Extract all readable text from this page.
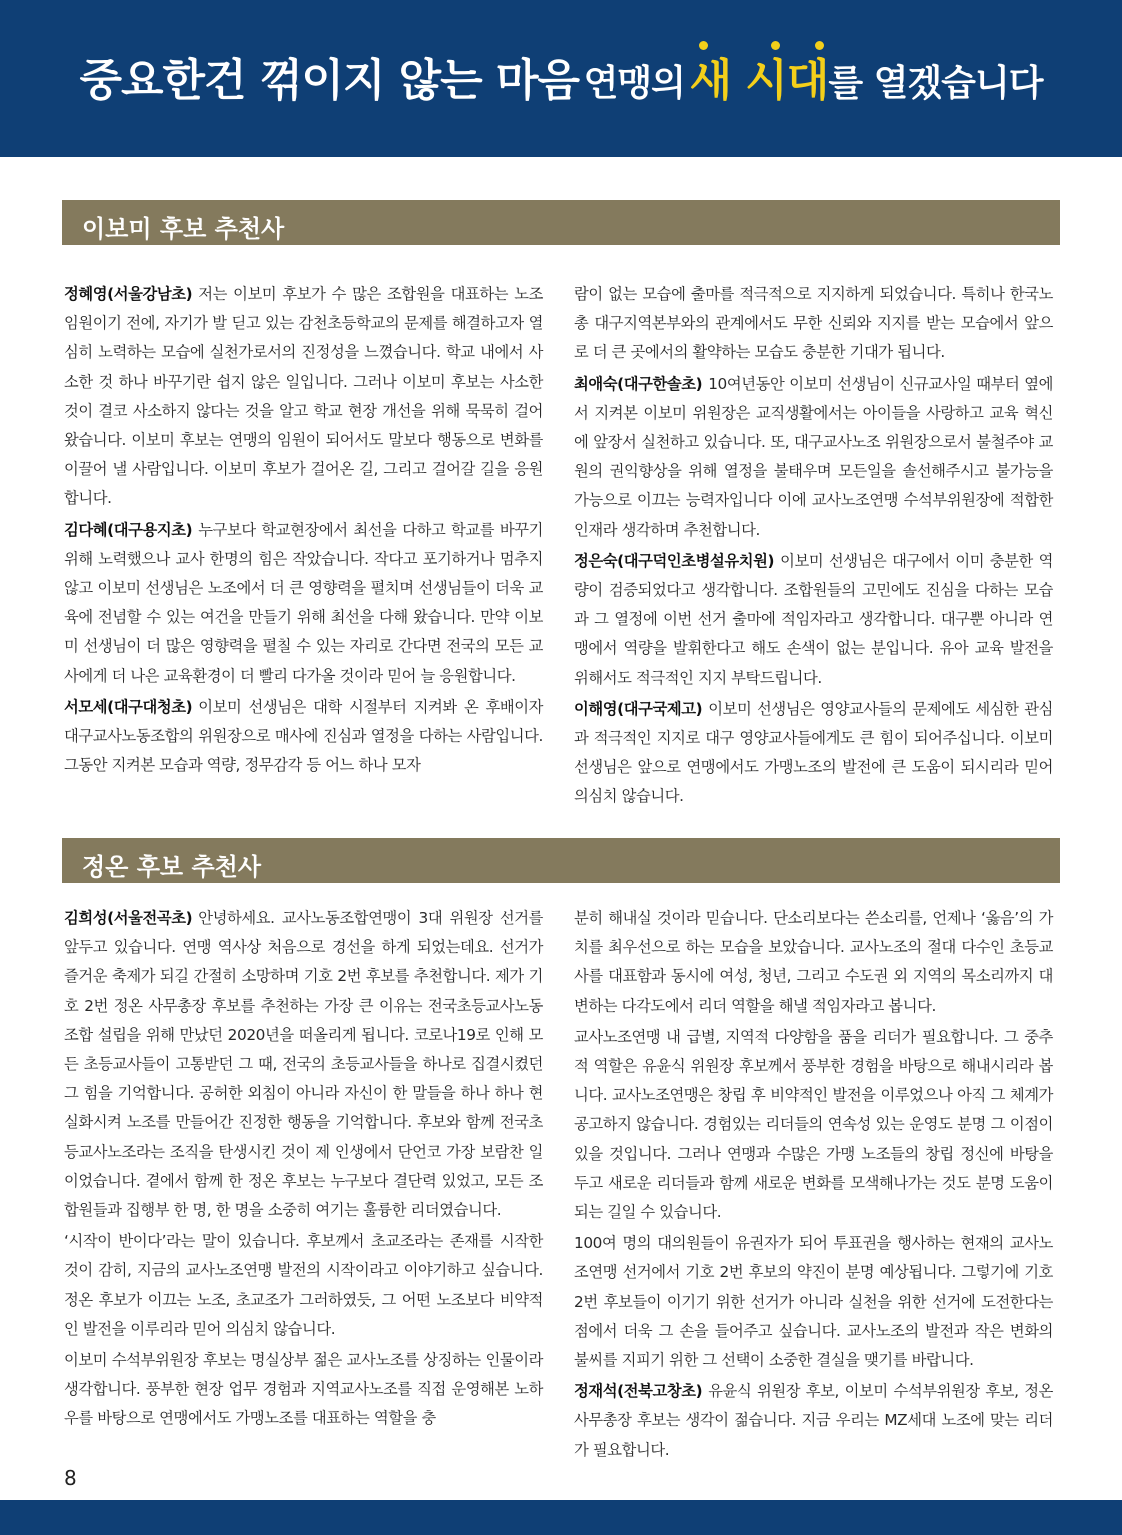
중요한건 꺾이지 않는 마음 연맹의 새 시대
를 열겠습니다
이보미 후보 추천사

정혜영(서울강남초) 저는 이보미 후보가 수 많은 조합원을 대표하는 노조 임원이기 전에, 자기가 발 딛고 있는 감천초등학교의 문제를 해결하고자 열심히 노력하는 모습에 실천가로서의 진정성을 느꼈습니다. 학교 내에서 사소한 것 하나 바꾸기란 쉽지 않은 일입니다. 그러나 이보미 후보는 사소한 것이 결코 사소하지 않다는 것을 알고 학교 현장 개선을 위해 묵묵히 걸어왔습니다. 이보미 후보는 연맹의 임원이 되어서도 말보다 행동으로 변화를 이끌어 낼 사람입니다. 이보미 후보가 걸어온 길, 그리고 걸어갈 길을 응원합니다.

김다혜(대구용지초) 누구보다 학교현장에서 최선을 다하고 학교를 바꾸기 위해 노력했으나 교사 한명의 힘은 작았습니다. 작다고 포기하거나 멈추지 않고 이보미 선생님은 노조에서 더 큰 영향력을 펼치며 선생님들이 더욱 교육에 전념할 수 있는 여건을 만들기 위해 최선을 다해 왔습니다. 만약 이보미 선생님이 더 많은 영향력을 펼칠 수 있는 자리로 간다면 전국의 모든 교사에게 더 나은 교육환경이 더 빨리 다가올 것이라 믿어 늘 응원합니다.

서모세(대구대청초) 이보미 선생님은 대학 시절부터 지켜봐 온 후배이자 대구교사노동조합의 위원장으로 매사에 진심과 열정을 다하는 사람입니다. 그동안 지켜본 모습과 역량, 정무감각 등 어느 하나 모자

람이 없는 모습에 출마를 적극적으로 지지하게 되었습니다. 특히나 한국노총 대구지역본부와의 관계에서도 무한 신뢰와 지지를 받는 모습에서 앞으로 더 큰 곳에서의 활약하는 모습도 충분한 기대가 됩니다.

최애숙(대구한솔초) 10여년동안 이보미 선생님이 신규교사일 때부터 옆에서 지켜본 이보미 위원장은 교직생활에서는 아이들을 사랑하고 교육 혁신에 앞장서 실천하고 있습니다. 또, 대구교사노조 위원장으로서 불철주야 교원의 권익향상을 위해 열정을 불태우며 모든일을 솔선해주시고 불가능을 가능으로 이끄는 능력자입니다 이에 교사노조연맹 수석부위원장에 적합한 인재라 생각하며 추천합니다.

정은숙(대구덕인초병설유치원) 이보미 선생님은 대구에서 이미 충분한 역량이 검증되었다고 생각합니다. 조합원들의 고민에도 진심을 다하는 모습과 그 열정에 이번 선거 출마에 적임자라고 생각합니다. 대구뿐 아니라 연맹에서 역량을 발휘한다고 해도 손색이 없는 분입니다. 유아 교육 발전을 위해서도 적극적인 지지 부탁드립니다.

이해영(대구국제고) 이보미 선생님은 영양교사들의 문제에도 세심한 관심과 적극적인 지지로 대구 영양교사들에게도 큰 힘이 되어주십니다. 이보미 선생님은 앞으로 연맹에서도 가맹노조의 발전에 큰 도움이 되시리라 믿어 의심치 않습니다.

정온 후보 추천사

김희성(서울전곡초) 안녕하세요. 교사노동조합연맹이 3대 위원장 선거를 앞두고 있습니다. 연맹 역사상 처음으로 경선을 하게 되었는데요. 선거가 즐거운 축제가 되길 간절히 소망하며 기호 2번 후보를 추천합니다. 제가 기호 2번 정온 사무총장 후보를 추천하는 가장 큰 이유는 전국초등교사노동조합 설립을 위해 만났던 2020년을 떠올리게 됩니다. 코로나19로 인해 모든 초등교사들이 고통받던 그 때, 전국의 초등교사들을 하나로 집결시켰던 그 힘을 기억합니다. 공허한 외침이 아니라 자신이 한 말들을 하나 하나 현실화시켜 노조를 만들어간 진정한 행동을 기억합니다. 후보와 함께 전국초등교사노조라는 조직을 탄생시킨 것이 제 인생에서 단언코 가장 보람찬 일이었습니다. 곁에서 함께 한 정온 후보는 누구보다 결단력 있었고, 모든 조합원들과 집행부 한 명, 한 명을 소중히 여기는 훌륭한 리더였습니다.

‘시작이 반이다’라는 말이 있습니다. 후보께서 초교조라는 존재를 시작한 것이 감히, 지금의 교사노조연맹 발전의 시작이라고 이야기하고 싶습니다. 정온 후보가 이끄는 노조, 초교조가 그러하였듯, 그 어떤 노조보다 비약적인 발전을 이루리라 믿어 의심치 않습니다.

이보미 수석부위원장 후보는 명실상부 젊은 교사노조를 상징하는 인물이라 생각합니다. 풍부한 현장 업무 경험과 지역교사노조를 직접 운영해본 노하우를 바탕으로 연맹에서도 가맹노조를 대표하는 역할을 충

분히 해내실 것이라 믿습니다. 단소리보다는 쓴소리를, 언제나 ‘옳음’의 가치를 최우선으로 하는 모습을 보았습니다. 교사노조의 절대 다수인 초등교사를 대표함과 동시에 여성, 청년, 그리고 수도권 외 지역의 목소리까지 대변하는 다각도에서 리더 역할을 해낼 적임자라고 봅니다.

교사노조연맹 내 급별, 지역적 다양함을 품을 리더가 필요합니다. 그 중추적 역할은 유윤식 위원장 후보께서 풍부한 경험을 바탕으로 해내시리라 봅니다. 교사노조연맹은 창립 후 비약적인 발전을 이루었으나 아직 그 체계가 공고하지 않습니다. 경험있는 리더들의 연속성 있는 운영도 분명 그 이점이 있을 것입니다. 그러나 연맹과 수많은 가맹 노조들의 창립 정신에 바탕을 두고 새로운 리더들과 함께 새로운 변화를 모색해나가는 것도 분명 도움이 되는 길일 수 있습니다.

100여 명의 대의원들이 유권자가 되어 투표권을 행사하는 현재의 교사노조연맹 선거에서 기호 2번 후보의 약진이 분명 예상됩니다. 그렇기에 기호 2번 후보들이 이기기 위한 선거가 아니라 실천을 위한 선거에 도전한다는 점에서 더욱 그 손을 들어주고 싶습니다. 교사노조의 발전과 작은 변화의 불씨를 지피기 위한 그 선택이 소중한 결실을 맺기를 바랍니다.

정재석(전북고창초) 유윤식 위원장 후보, 이보미 수석부위원장 후보, 정온 사무총장 후보는 생각이 젊습니다. 지금 우리는 MZ세대 노조에 맞는 리더가 필요합니다.

8
